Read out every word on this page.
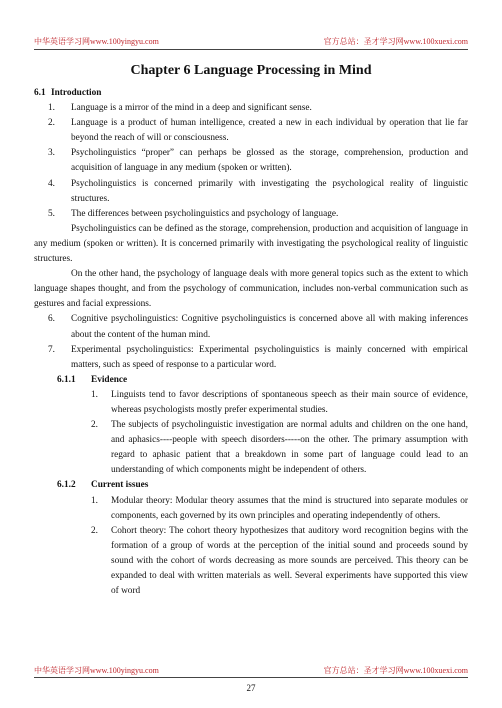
中华英语学习网www.100yingyu.com	官方总站：圣才学习网www.100xuexi.com
Chapter 6 Language Processing in Mind
6.1 Introduction
1.	Language is a mirror of the mind in a deep and significant sense.
2.	Language is a product of human intelligence, created a new in each individual by operation that lie far beyond the reach of will or consciousness.
3.	Psycholinguistics “proper” can perhaps be glossed as the storage, comprehension, production and acquisition of language in any medium (spoken or written).
4.	Psycholinguistics is concerned primarily with investigating the psychological reality of linguistic structures.
5.	The differences between psycholinguistics and psychology of language.
Psycholinguistics can be defined as the storage, comprehension, production and acquisition of language in any medium (spoken or written). It is concerned primarily with investigating the psychological reality of linguistic structures.
On the other hand, the psychology of language deals with more general topics such as the extent to which language shapes thought, and from the psychology of communication, includes non-verbal communication such as gestures and facial expressions.
6.	Cognitive psycholinguistics: Cognitive psycholinguistics is concerned above all with making inferences about the content of the human mind.
7.	Experimental psycholinguistics: Experimental psycholinguistics is mainly concerned with empirical matters, such as speed of response to a particular word.
6.1.1	Evidence
1.	Linguists tend to favor descriptions of spontaneous speech as their main source of evidence, whereas psychologists mostly prefer experimental studies.
2.	The subjects of psycholinguistic investigation are normal adults and children on the one hand, and aphasics----people with speech disorders-----on the other. The primary assumption with regard to aphasic patient that a breakdown in some part of language could lead to an understanding of which components might be independent of others.
6.1.2	Current issues
1.	Modular theory: Modular theory assumes that the mind is structured into separate modules or components, each governed by its own principles and operating independently of others.
2.	Cohort theory: The cohort theory hypothesizes that auditory word recognition begins with the formation of a group of words at the perception of the initial sound and proceeds sound by sound with the cohort of words decreasing as more sounds are perceived. This theory can be expanded to deal with written materials as well. Several experiments have supported this view of word
中华英语学习网www.100yingyu.com	官方总站：圣才学习网www.100xuexi.com
27
